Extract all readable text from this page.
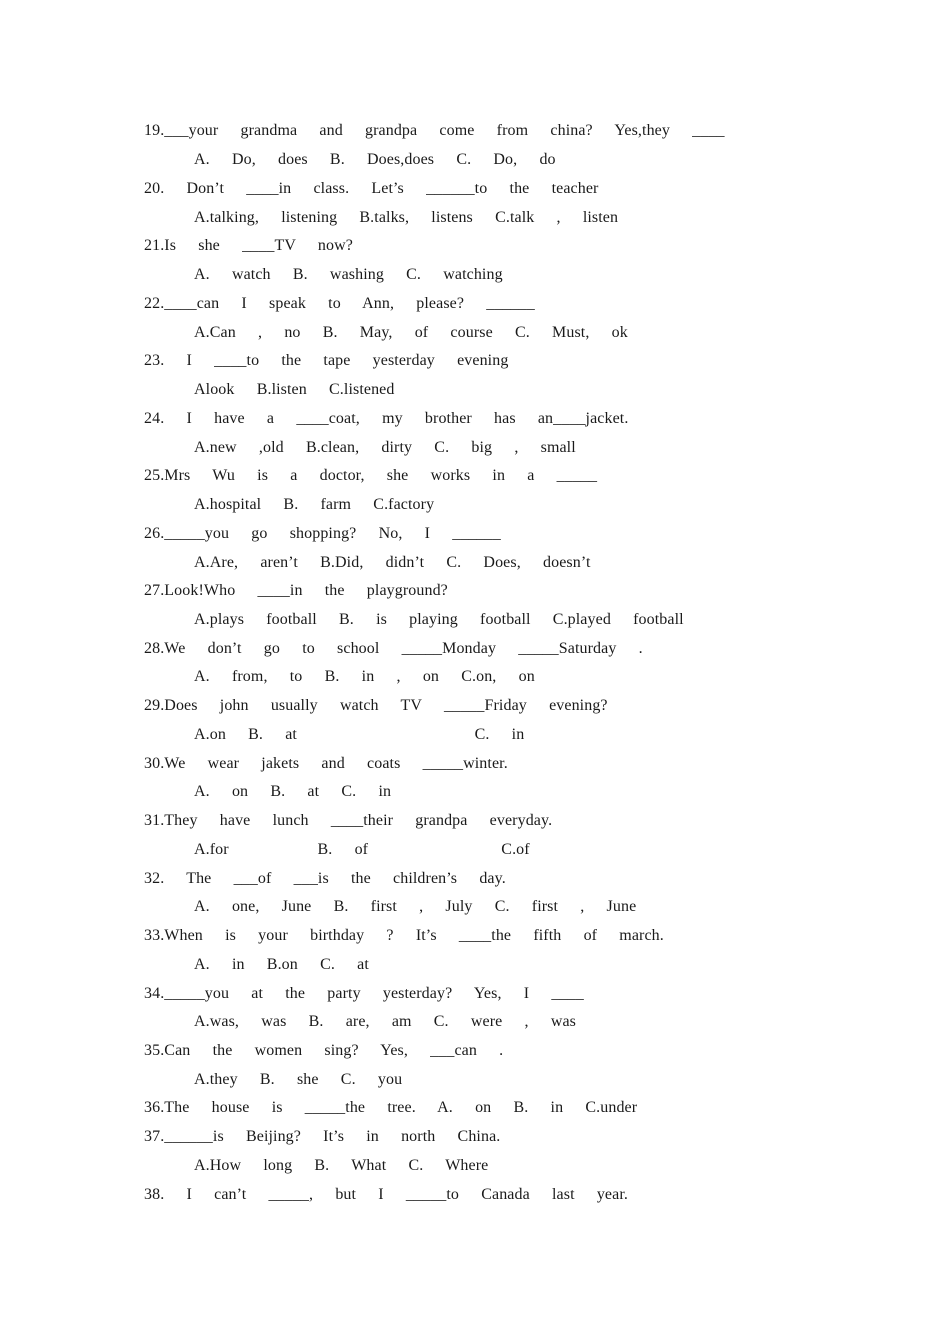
19.___your  grandma  and  grandpa  come  from  china?  Yes,they  ____
A.  Do,  does  B.  Does,does  C.  Do,  do
20.  Don’t  ____in  class.  Let’s  ______to  the  teacher
A.talking,  listening  B.talks,  listens  C.talk  ,  listen
21.Is  she  ____TV  now?
A.  watch  B.  washing  C.  watching
22.____can  I  speak  to  Ann,  please?  ______
A.Can  ,  no  B.  May,  of  course  C.  Must,  ok
23.  I  ____to  the  tape  yesterday  evening
Alook  B.listen  C.listened
24.  I  have  a  ____coat,  my  brother  has  an____jacket.
A.new  ,old  B.clean,  dirty  C.  big  ,  small
25.Mrs  Wu  is  a  doctor,  she  works  in  a  _____
A.hospital  B.  farm  C.factory
26._____you  go  shopping?  No,  I  ______
A.Are,  aren’t  B.Did,  didn’t  C.  Does,  doesn’t
27.Look!Who  ____in  the  playground?
A.plays  football  B.  is  playing  football  C.played  football
28.We  don’t  go  to  school  _____Monday  _____Saturday  .
A.  from,  to  B.  in  ,  on  C.on,  on
29.Does  john  usually  watch  TV  _____Friday  evening?
A.on  B.  at                C.  in
30.We  wear  jakets  and  coats  _____winter.
A.  on  B.  at  C.  in
31.They  have  lunch  ____their  grandpa  everyday.
A.for        B.  of            C.of
32.  The  ___of  ___is  the  children’s  day.
A.  one,  June  B.  first  ,  July  C.  first  ,  June
33.When  is  your  birthday  ?  It’s  ____the  fifth  of  march.
A.  in  B.on  C.  at
34._____you  at  the  party  yesterday?  Yes,  I  ____
A.was,  was  B.  are,  am  C.  were  ,  was
35.Can  the  women  sing?  Yes,  ___can  .
A.they  B.  she  C.  you
36.The  house  is  _____the  tree.  A.  on  B.  in  C.under
37.______is  Beijing?  It’s  in  north  China.
A.How  long  B.  What  C.  Where
38.  I  can’t  _____,  but  I  _____to  Canada  last  year.
